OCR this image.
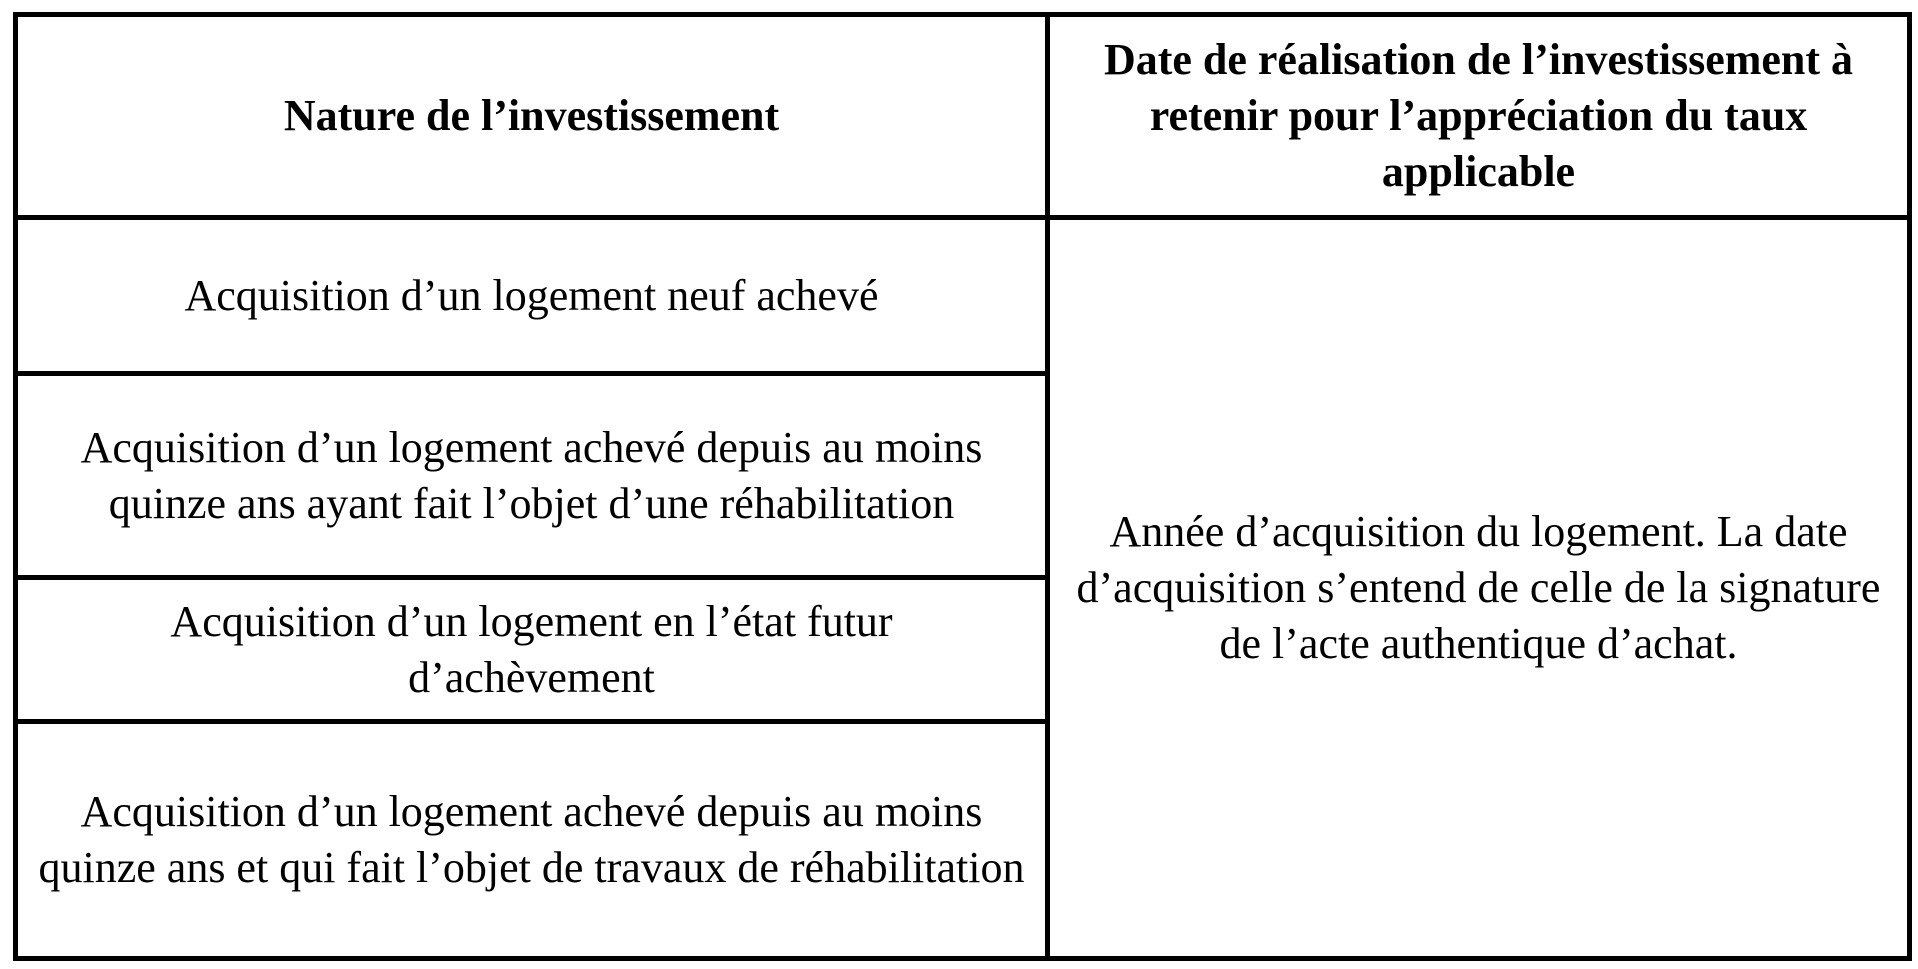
Nature de l’investissement	Date de réalisation de l’investissement à retenir pour l’appréciation du taux applicable

Acquisition d’un logement neuf achevé	Année d’acquisition du logement. La date d’acquisition s’entend de celle de la signature de l’acte authentique d’achat.

Acquisition d’un logement achevé depuis au moins quinze ans ayant fait l’objet d’une réhabilitation	

Acquisition d’un logement en l’état futur d’achèvement	

Acquisition d’un logement achevé depuis au moins quinze ans et qui fait l’objet de travaux de réhabilitation	
